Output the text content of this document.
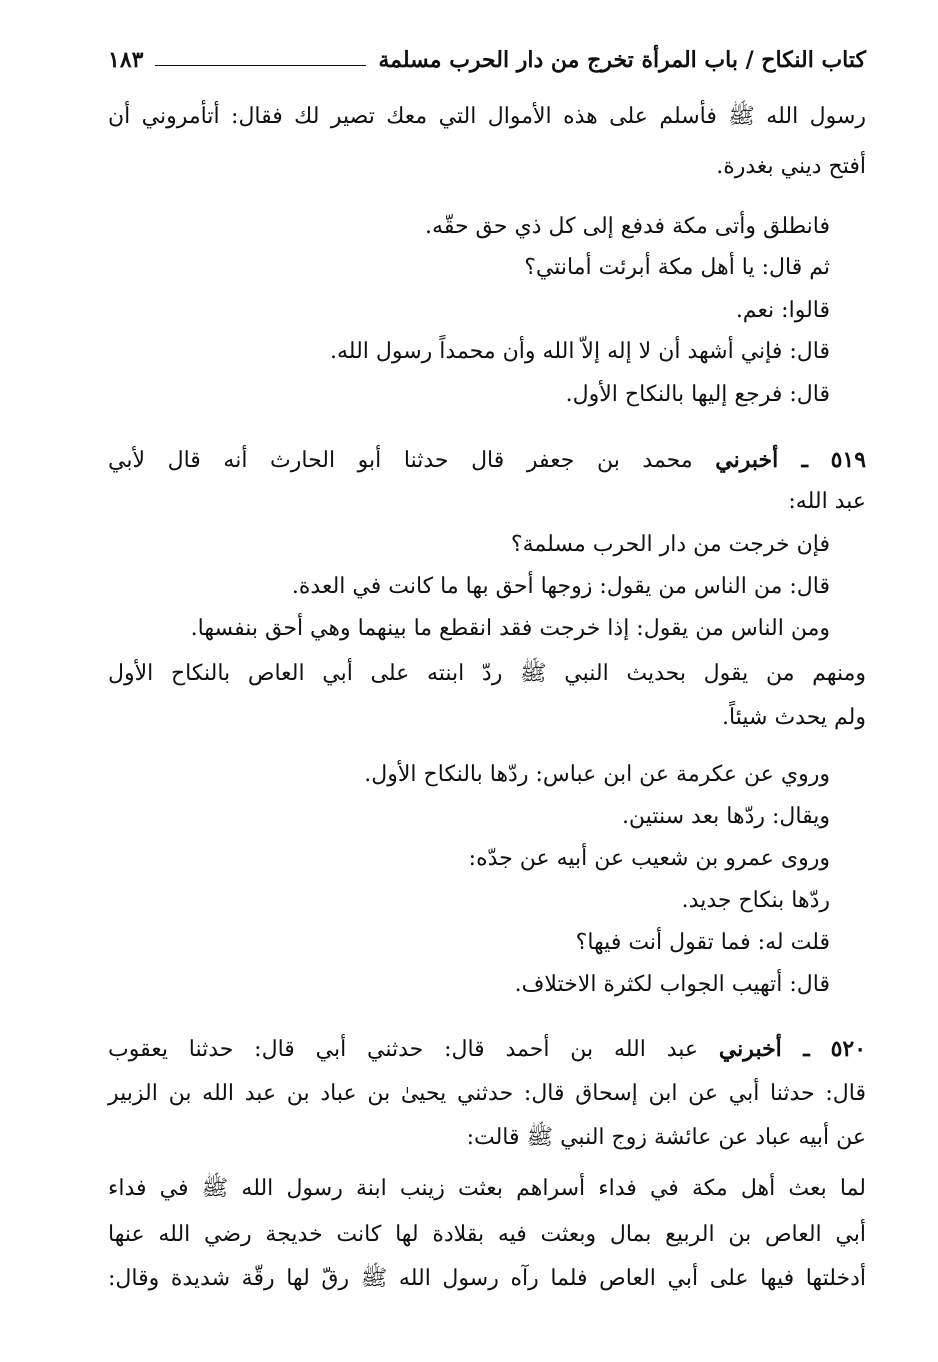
كتاب النكاح / باب المرأة تخرج من دار الحرب مسلمة
١٨٣
رسول الله ﷺ فأسلم على هذه الأموال التي معك تصير لك فقال: أتأمروني أن
أفتح ديني بغدرة.
فانطلق وأتى مكة فدفع إلى كل ذي حق حقّه.
ثم قال: يا أهل مكة أبرئت أمانتي؟
قالوا: نعم.
قال: فإني أشهد أن لا إله إلاّ الله وأن محمداً رسول الله.
قال: فرجع إليها بالنكاح الأول.
٥١٩ ـ أخبرني محمد بن جعفر قال حدثنا أبو الحارث أنه قال لأبي
عبد الله:
فإن خرجت من دار الحرب مسلمة؟
قال: من الناس من يقول: زوجها أحق بها ما كانت في العدة.
ومن الناس من يقول: إذا خرجت فقد انقطع ما بينهما وهي أحق بنفسها.
ومنهم من يقول بحديث النبي ﷺ ردّ ابنته على أبي العاص بالنكاح الأول
ولم يحدث شيئاً.
وروي عن عكرمة عن ابن عباس: ردّها بالنكاح الأول.
ويقال: ردّها بعد سنتين.
وروى عمرو بن شعيب عن أبيه عن جدّه:
ردّها بنكاح جديد.
قلت له: فما تقول أنت فيها؟
قال: أتهيب الجواب لكثرة الاختلاف.
٥٢٠ ـ أخبرني عبد الله بن أحمد قال: حدثني أبي قال: حدثنا يعقوب
قال: حدثنا أبي عن ابن إسحاق قال: حدثني يحيىٰ بن عباد بن عبد الله بن الزبير
عن أبيه عباد عن عائشة زوج النبي ﷺ قالت:
لما بعث أهل مكة في فداء أسراهم بعثت زينب ابنة رسول الله ﷺ في فداء
أبي العاص بن الربيع بمال وبعثت فيه بقلادة لها كانت خديجة رضي الله عنها
أدخلتها فيها على أبي العاص فلما رآه رسول الله ﷺ رقّ لها رقّة شديدة وقال:
